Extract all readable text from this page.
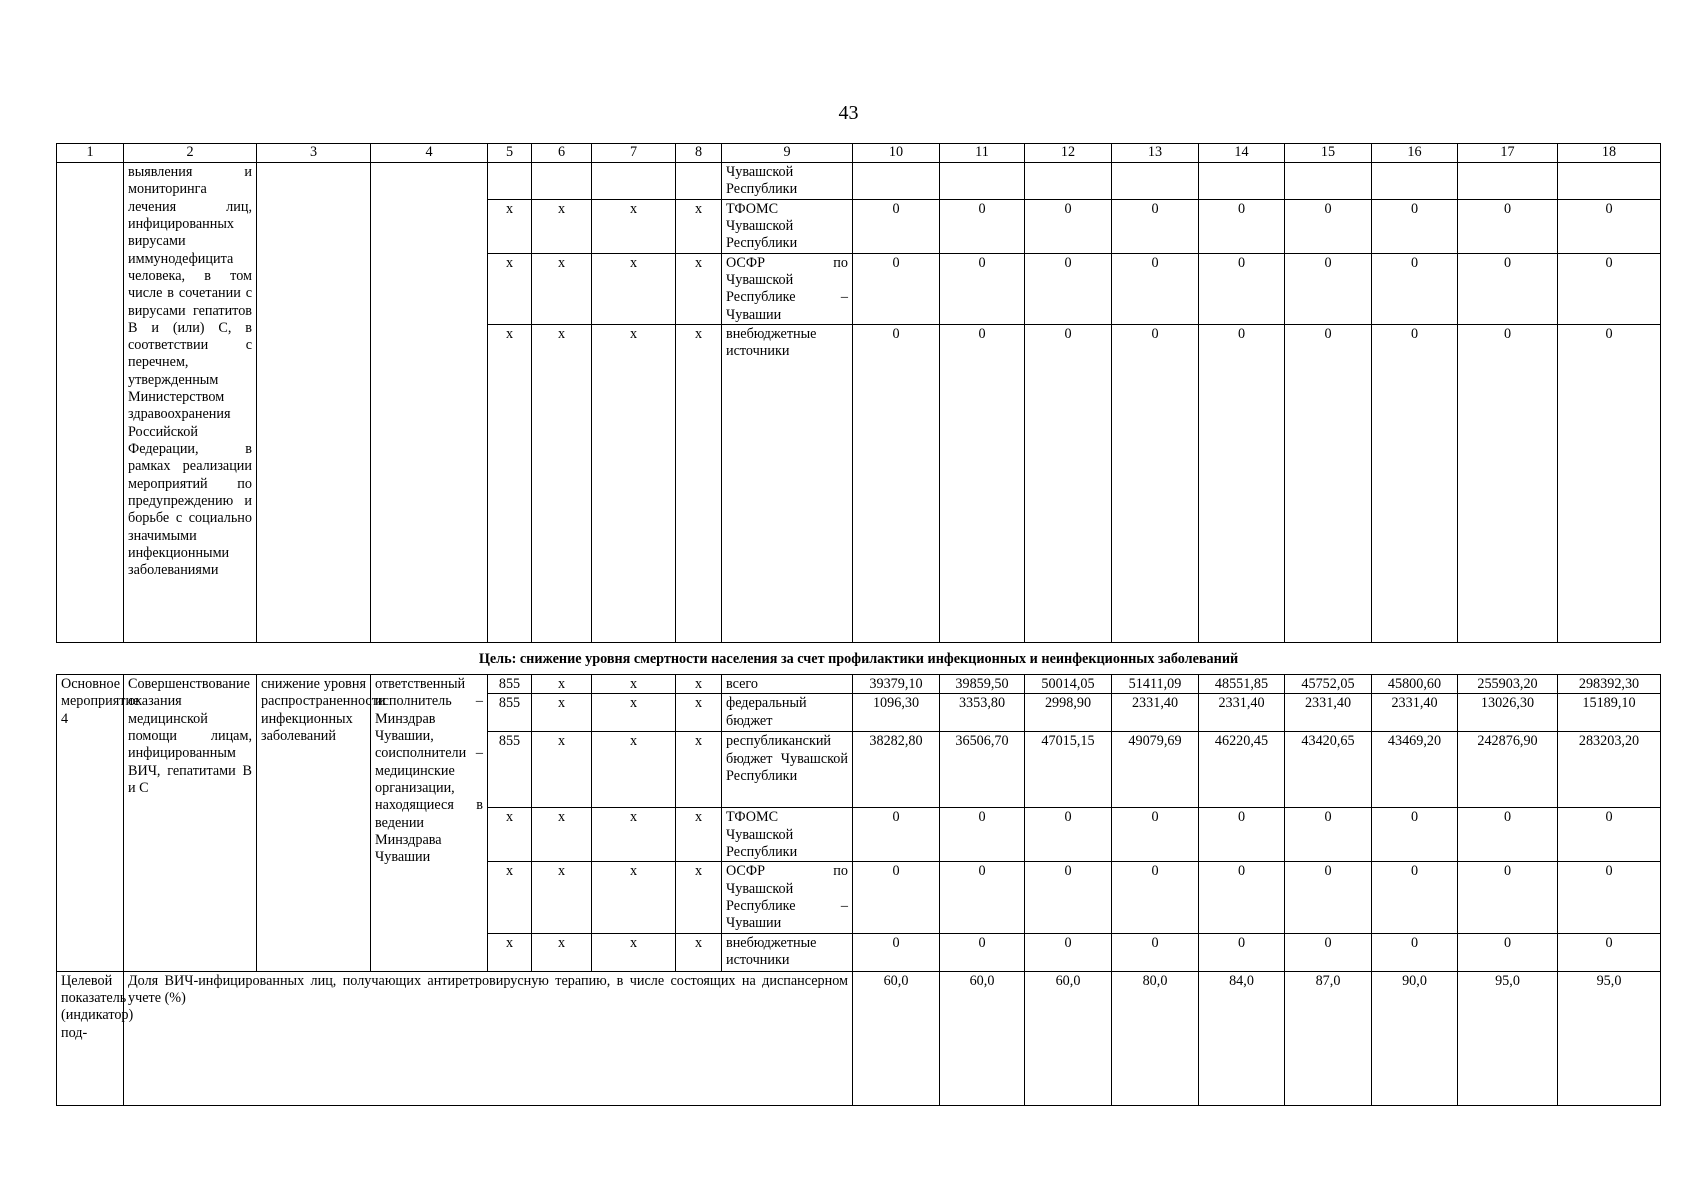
43
1	2	3	4	5	6	7	8	9	10	11	12	13	14	15	16	17	18
	выявления и мониторинга лечения лиц, инфицированных вирусами иммунодефицита человека, в том числе в сочетании с вирусами гепатитов B и (или) C, в соответствии с перечнем, утвержденным Министерством здравоохранения Российской Федерации, в рамках реализации мероприятий по предупреждению и борьбе с социально значимыми инфекционными заболеваниями							Чувашской Республики									
				x	x	x	x	ТФОМС Чувашской Республики	0	0	0	0	0	0	0	0	0
				x	x	x	x	ОСФР по Чувашской Республике – Чувашии	0	0	0	0	0	0	0	0	0
				x	x	x	x	внебюджетные источники	0	0	0	0	0	0	0	0	0
Цель: снижение уровня смертности населения за счет профилактики инфекционных и неинфекционных заболеваний																	
Основное мероприятие 4	Совершенствование оказания медицинской помощи лицам, инфицированным ВИЧ, гепатитами B и C	снижение уровня распространенности инфекционных заболеваний	ответственный исполнитель – Минздрав Чувашии, соисполнители – медицинские организации, находящиеся в ведении Минздрава Чувашии	855	x	x	x	всего	39379,10	39859,50	50014,05	51411,09	48551,85	45752,05	45800,60	255903,20	298392,30
				855	x	x	x	федеральный бюджет	1096,30	3353,80	2998,90	2331,40	2331,40	2331,40	2331,40	13026,30	15189,10
				855	x	x	x	республиканский бюджет Чувашской Республики	38282,80	36506,70	47015,15	49079,69	46220,45	43420,65	43469,20	242876,90	283203,20
				x	x	x	x	ТФОМС Чувашской Республики	0	0	0	0	0	0	0	0	0
				x	x	x	x	ОСФР по Чувашской Республике – Чувашии	0	0	0	0	0	0	0	0	0
				x	x	x	x	внебюджетные источники	0	0	0	0	0	0	0	0	0
Целевой показатель (индикатор) под-	Доля ВИЧ-инфицированных лиц, получающих антиретровирусную терапию, в числе состоящих на диспансерном учете (%)								60,0	60,0	60,0	80,0	84,0	87,0	90,0	95,0	95,0
